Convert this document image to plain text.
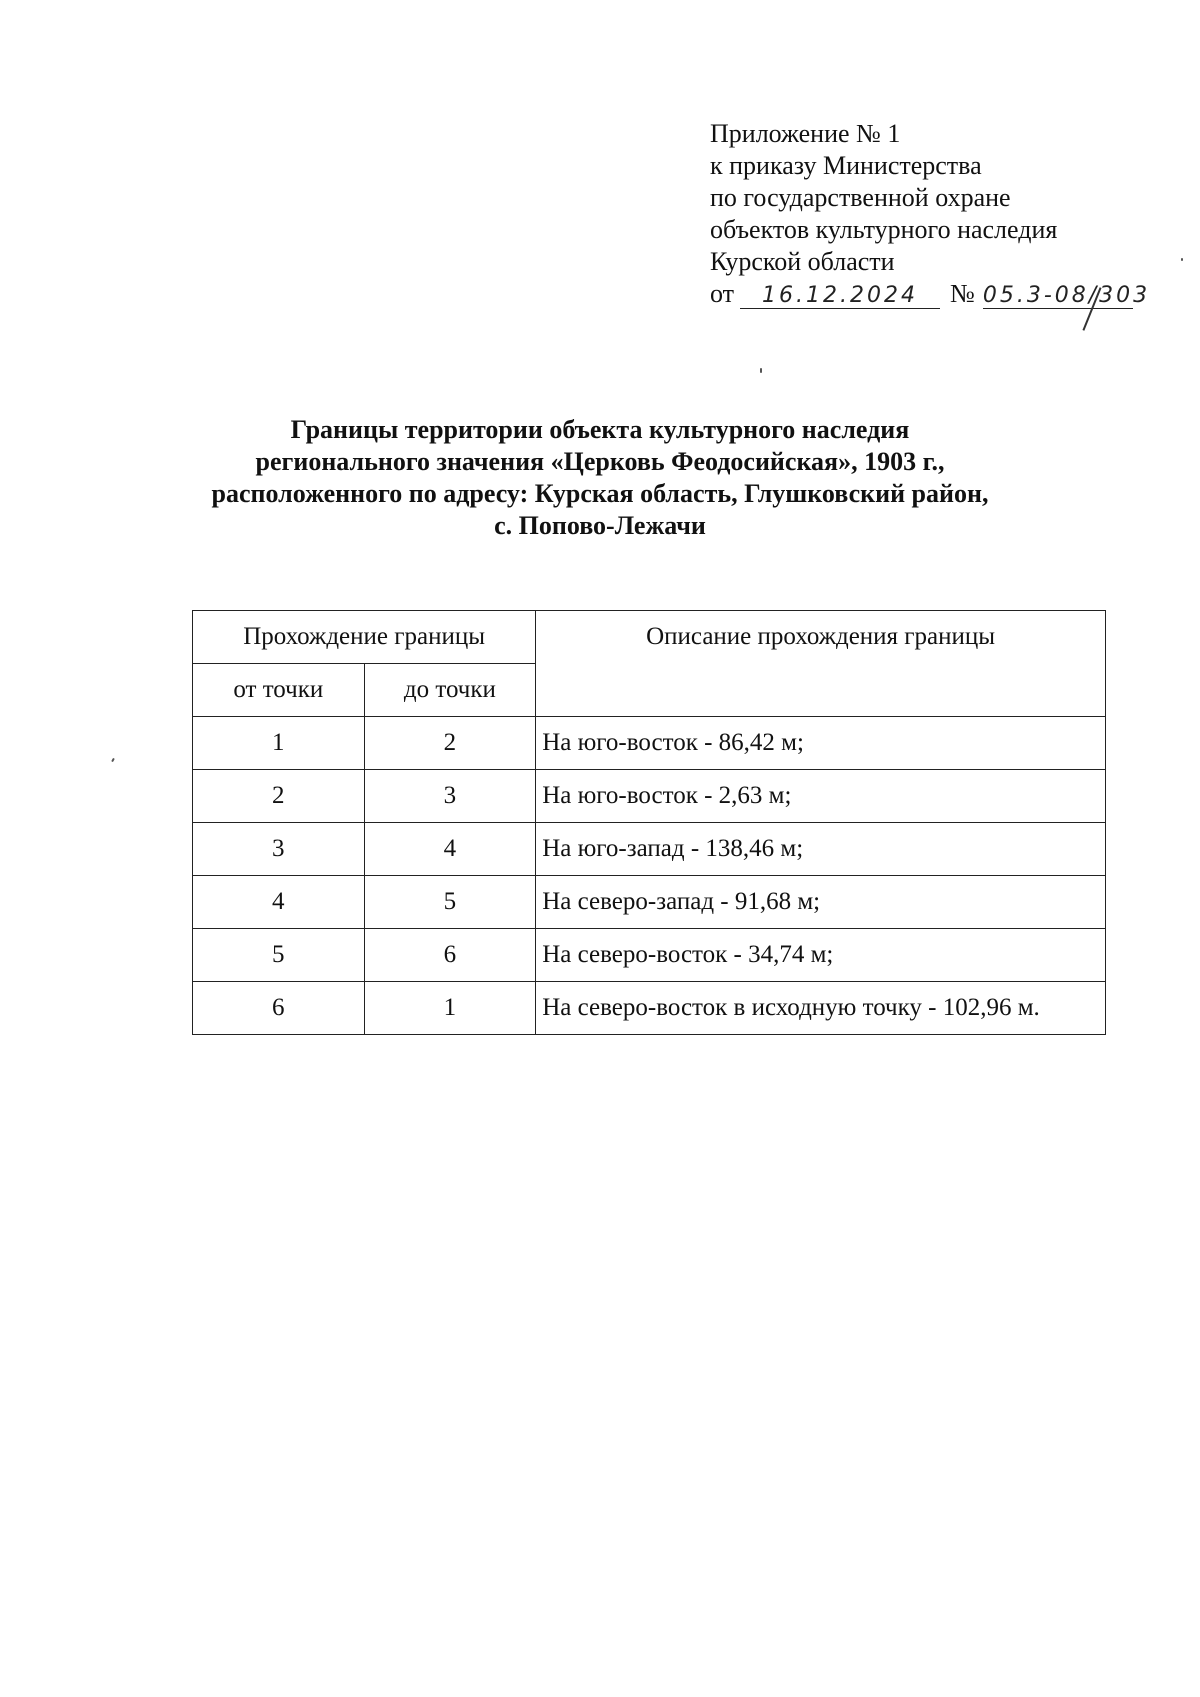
Приложение № 1
к приказу Министерства
по государственной охране
объектов культурного наследия
Курской области
от 16.12.2024 № 05.3-08/303
Границы территории объекта культурного наследия
регионального значения «Церковь Феодосийская», 1903 г.,
расположенного по адресу: Курская область, Глушковский район,
с. Попово-Лежачи
Прохождение границы		Описание прохождения границы
от точки	до точки	
1	2	На юго-восток - 86,42 м;
2	3	На юго-восток - 2,63 м;
3	4	На юго-запад - 138,46 м;
4	5	На северо-запад - 91,68 м;
5	6	На северо-восток - 34,74 м;
6	1	На северо-восток в исходную точку - 102,96 м.
